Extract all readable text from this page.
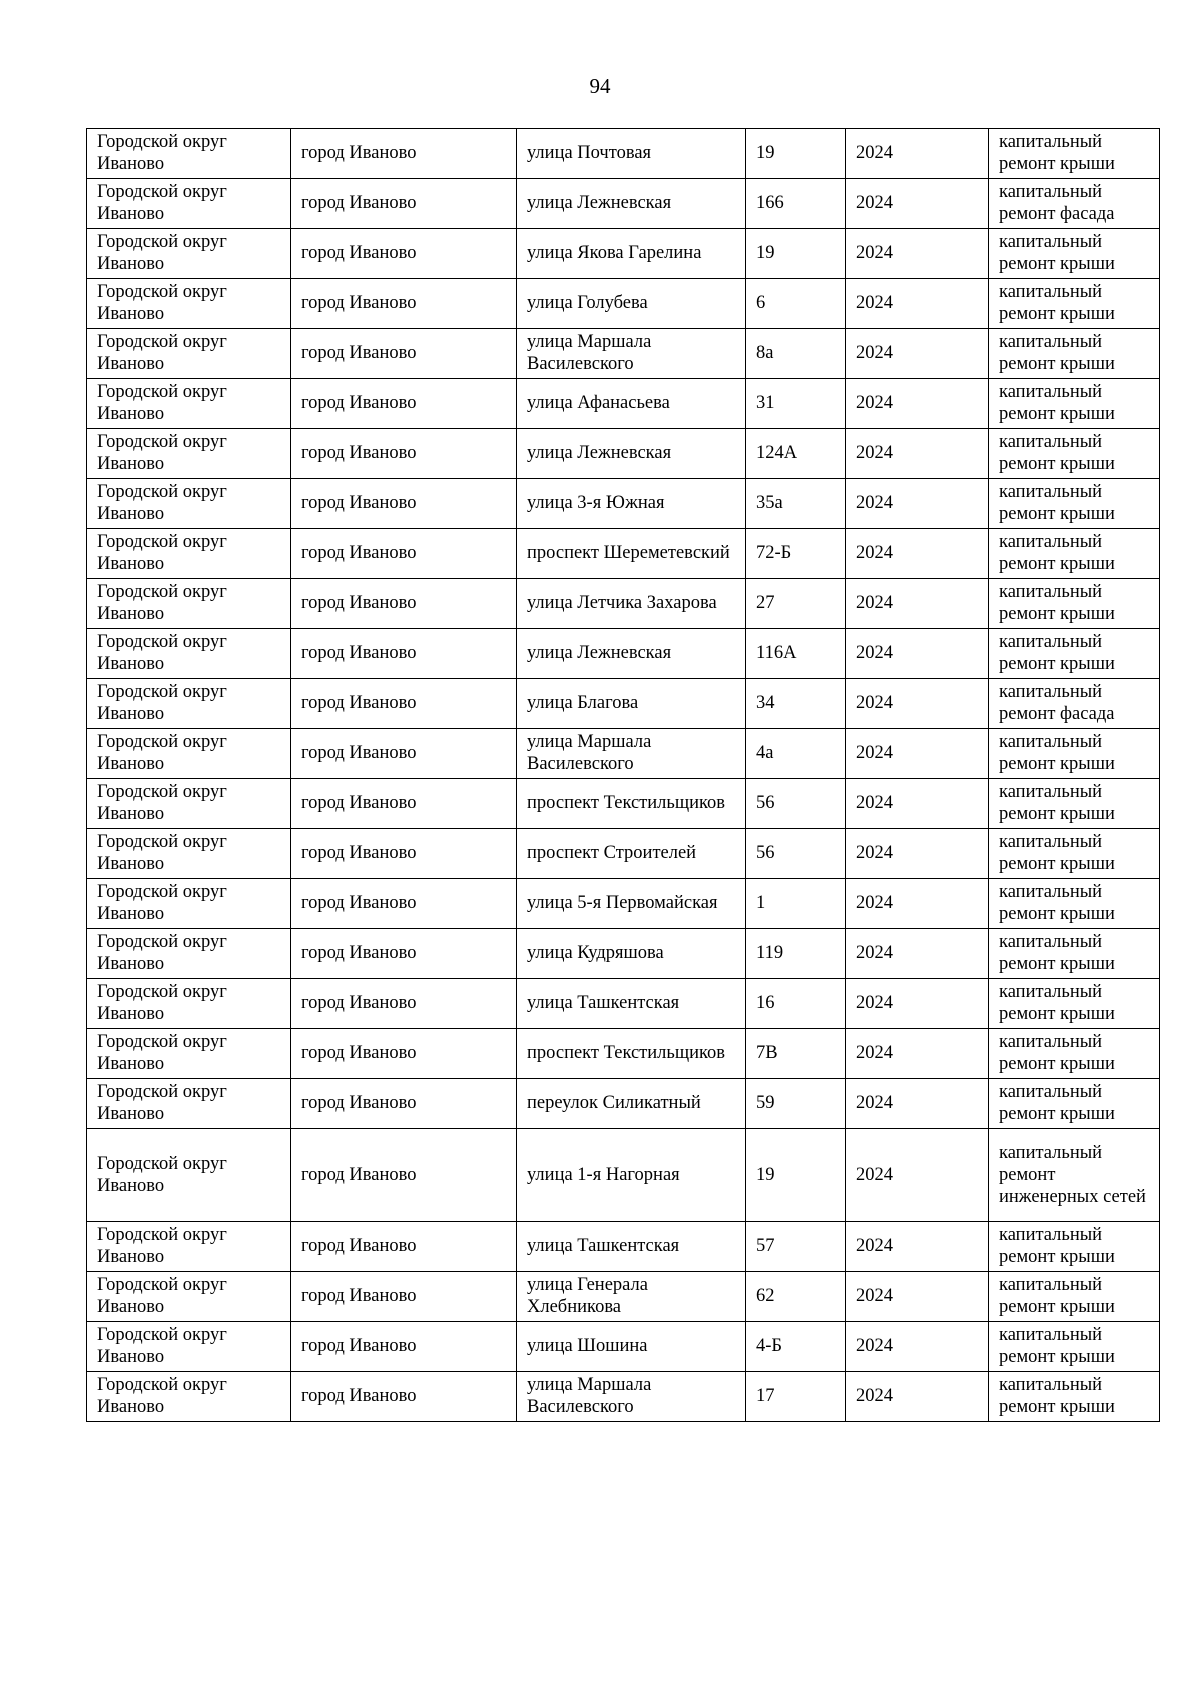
94
Городской округ Иваново	город Иваново	улица Почтовая	19	2024	капитальный ремонт крыши
Городской округ Иваново	город Иваново	улица Лежневская	166	2024	капитальный ремонт фасада
Городской округ Иваново	город Иваново	улица Якова Гарелина	19	2024	капитальный ремонт крыши
Городской округ Иваново	город Иваново	улица Голубева	6	2024	капитальный ремонт крыши
Городской округ Иваново	город Иваново	улица Маршала Василевского	8а	2024	капитальный ремонт крыши
Городской округ Иваново	город Иваново	улица Афанасьева	31	2024	капитальный ремонт крыши
Городской округ Иваново	город Иваново	улица Лежневская	124А	2024	капитальный ремонт крыши
Городской округ Иваново	город Иваново	улица 3-я Южная	35а	2024	капитальный ремонт крыши
Городской округ Иваново	город Иваново	проспект Шереметевский	72-Б	2024	капитальный ремонт крыши
Городской округ Иваново	город Иваново	улица Летчика Захарова	27	2024	капитальный ремонт крыши
Городской округ Иваново	город Иваново	улица Лежневская	116А	2024	капитальный ремонт крыши
Городской округ Иваново	город Иваново	улица Благова	34	2024	капитальный ремонт фасада
Городской округ Иваново	город Иваново	улица Маршала Василевского	4а	2024	капитальный ремонт крыши
Городской округ Иваново	город Иваново	проспект Текстильщиков	56	2024	капитальный ремонт крыши
Городской округ Иваново	город Иваново	проспект Строителей	56	2024	капитальный ремонт крыши
Городской округ Иваново	город Иваново	улица 5-я Первомайская	1	2024	капитальный ремонт крыши
Городской округ Иваново	город Иваново	улица Кудряшова	119	2024	капитальный ремонт крыши
Городской округ Иваново	город Иваново	улица Ташкентская	16	2024	капитальный ремонт крыши
Городской округ Иваново	город Иваново	проспект Текстильщиков	7В	2024	капитальный ремонт крыши
Городской округ Иваново	город Иваново	переулок Силикатный	59	2024	капитальный ремонт крыши
Городской округ Иваново	город Иваново	улица 1-я Нагорная	19	2024	капитальный ремонт инженерных сетей
Городской округ Иваново	город Иваново	улица Ташкентская	57	2024	капитальный ремонт крыши
Городской округ Иваново	город Иваново	улица Генерала Хлебникова	62	2024	капитальный ремонт крыши
Городской округ Иваново	город Иваново	улица Шошина	4-Б	2024	капитальный ремонт крыши
Городской округ Иваново	город Иваново	улица Маршала Василевского	17	2024	капитальный ремонт крыши
